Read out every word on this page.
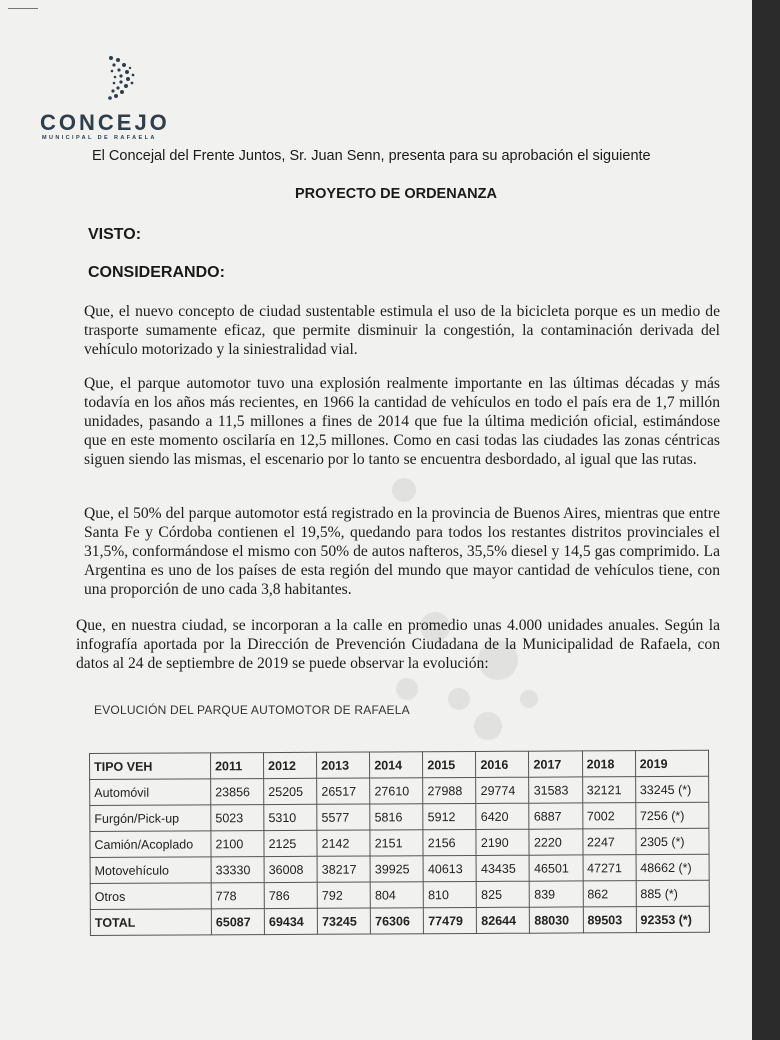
CONCEJO
MUNICIPAL DE RAFAELA
El Concejal del Frente Juntos, Sr. Juan Senn, presenta para su aprobación el siguiente
PROYECTO DE ORDENANZA
VISTO:
CONSIDERANDO:
Que, el nuevo concepto de ciudad sustentable estimula el uso de la bicicleta porque es un medio de trasporte sumamente eficaz, que permite disminuir la congestión, la contaminación derivada del vehículo motorizado y la siniestralidad vial.
Que, el parque automotor tuvo una explosión realmente importante en las últimas décadas y más todavía en los años más recientes, en 1966 la cantidad de vehículos en todo el país era de 1,7 millón unidades, pasando a 11,5 millones a fines de 2014 que fue la última medición oficial, estimándose que en este momento oscilaría en 12,5 millones. Como en casi todas las ciudades las zonas céntricas siguen siendo las mismas, el escenario por lo tanto se encuentra desbordado, al igual que las rutas.
Que, el 50% del parque automotor está registrado en la provincia de Buenos Aires, mientras que entre Santa Fe y Córdoba contienen el 19,5%, quedando para todos los restantes distritos provinciales el 31,5%, conformándose el mismo con 50% de autos nafteros, 35,5% diesel y 14,5 gas comprimido. La Argentina es uno de los países de esta región del mundo que mayor cantidad de vehículos tiene, con una proporción de uno cada 3,8 habitantes.
Que, en nuestra ciudad, se incorporan a la calle en promedio unas 4.000 unidades anuales. Según la infografía aportada por la Dirección de Prevención Ciudadana de la Municipalidad de Rafaela, con datos al 24 de septiembre de 2019 se puede observar la evolución:
EVOLUCIÓN DEL PARQUE AUTOMOTOR DE RAFAELA
TIPO VEH	2011	2012	2013	2014	2015	2016	2017	2018	2019
Automóvil	23856	25205	26517	27610	27988	29774	31583	32121	33245 (*)
Furgón/Pick-up	5023	5310	5577	5816	5912	6420	6887	7002	7256 (*)
Camión/Acoplado	2100	2125	2142	2151	2156	2190	2220	2247	2305 (*)
Motovehículo	33330	36008	38217	39925	40613	43435	46501	47271	48662 (*)
Otros	778	786	792	804	810	825	839	862	885 (*)
TOTAL	65087	69434	73245	76306	77479	82644	88030	89503	92353 (*)
